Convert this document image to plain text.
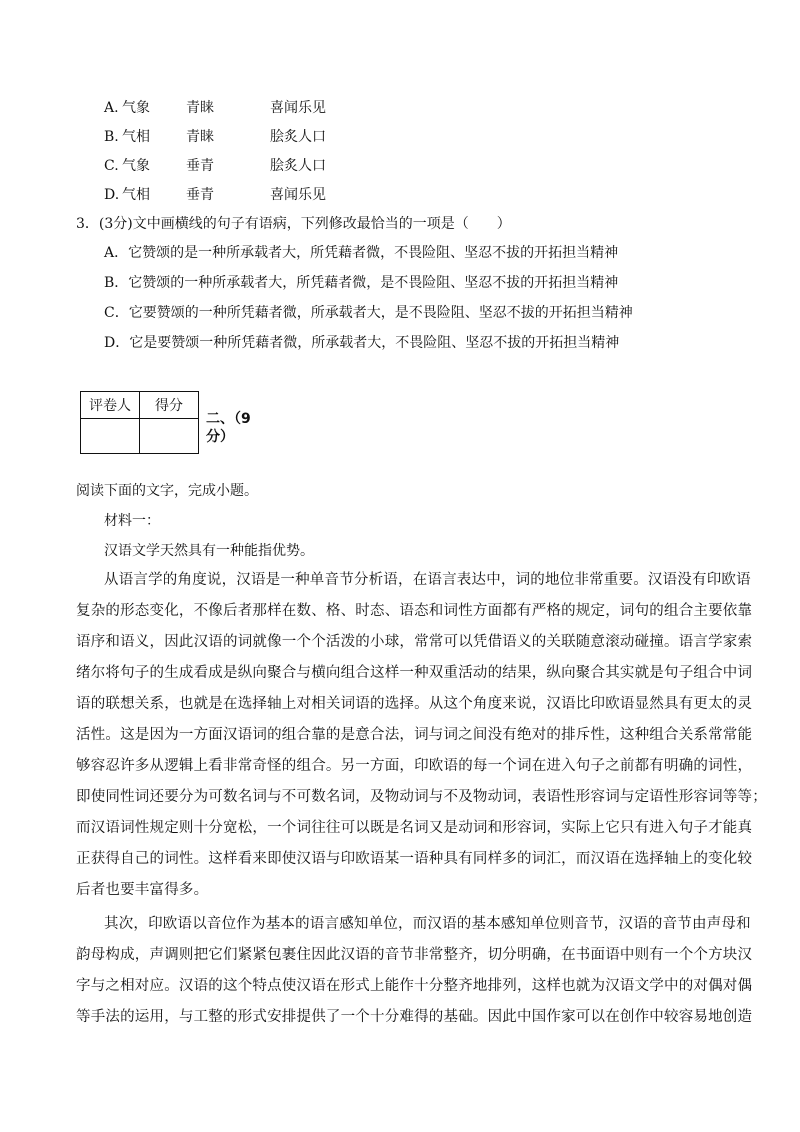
A. 气象	青睐	喜闻乐见
B. 气相	青睐	脍炙人口
C. 气象	垂青	脍炙人口
D. 气相	垂青	喜闻乐见
3．(3分)文中画横线的句子有语病，下列修改最恰当的一项是（　　）
A．它赞颂的是一种所承载者大，所凭藉者微，不畏险阻、坚忍不拔的开拓担当精神
B．它赞颂的一种所承载者大，所凭藉者微，是不畏险阻、坚忍不拔的开拓担当精神
C．它要赞颂的一种所凭藉者微，所承载者大，是不畏险阻、坚忍不拔的开拓担当精神
D．它是要赞颂一种所凭藉者微，所承载者大，不畏险阻、坚忍不拔的开拓担当精神
评卷人	得分

二、（9
分）
阅读下面的文字，完成小题。
材料一：
汉语文学天然具有一种能指优势。
从语言学的角度说，汉语是一种单音节分析语，在语言表达中，词的地位非常重要。汉语没有印欧语
复杂的形态变化，不像后者那样在数、格、时态、语态和词性方面都有严格的规定，词句的组合主要依靠
语序和语义，因此汉语的词就像一个个活泼的小球，常常可以凭借语义的关联随意滚动碰撞。语言学家索
绪尔将句子的生成看成是纵向聚合与横向组合这样一种双重活动的结果，纵向聚合其实就是句子组合中词
语的联想关系，也就是在选择轴上对相关词语的选择。从这个角度来说，汉语比印欧语显然具有更太的灵
活性。这是因为一方面汉语词的组合靠的是意合法，词与词之间没有绝对的排斥性，这种组合关系常常能
够容忍许多从逻辑上看非常奇怪的组合。另一方面，印欧语的每一个词在进入句子之前都有明确的词性，
即使同性词还要分为可数名词与不可数名词，及物动词与不及物动词，表语性形容词与定语性形容词等等；
而汉语词性规定则十分宽松，一个词往往可以既是名词又是动词和形容词，实际上它只有进入句子才能真
正获得自己的词性。这样看来即使汉语与印欧语某一语种具有同样多的词汇，而汉语在选择轴上的变化较
后者也要丰富得多。
其次，印欧语以音位作为基本的语言感知单位，而汉语的基本感知单位则音节，汉语的音节由声母和
韵母构成，声调则把它们紧紧包裹住因此汉语的音节非常整齐，切分明确，在书面语中则有一个个方块汉
字与之相对应。汉语的这个特点使汉语在形式上能作十分整齐地排列，这样也就为汉语文学中的对偶对偶
等手法的运用，与工整的形式安排提供了一个十分难得的基础。因此中国作家可以在创作中较容易地创造
